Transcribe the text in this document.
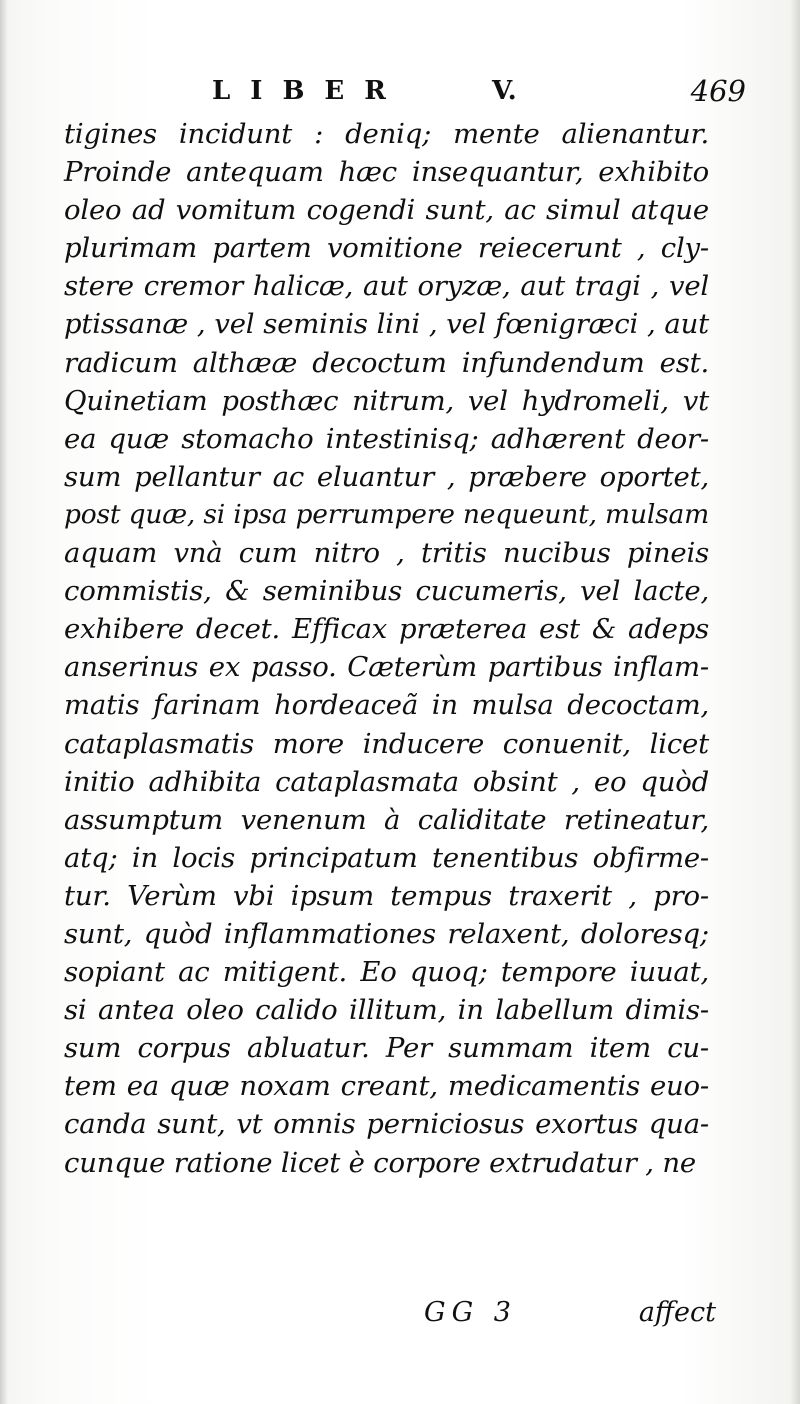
LIBER	V.	469
tigines incidunt : deniq; mente alienantur.
Proinde antequam hæc insequantur, exhibito
oleo ad vomitum cogendi sunt, ac simul atque
plurimam partem vomitione reiecerunt , cly-
stere cremor halicæ, aut oryzæ, aut tragi , vel
ptissanæ , vel seminis lini , vel fœnigræci , aut
radicum althææ decoctum infundendum est.
Quinetiam posthæc nitrum, vel hydromeli, vt
ea quæ stomacho intestinisq; adhærent deor-
sum pellantur ac eluantur , præbere oportet,
post quæ, si ipsa perrumpere nequeunt, mulsam
aquam vnà cum nitro , tritis nucibus pineis
commistis, & seminibus cucumeris, vel lacte,
exhibere decet. Efficax præterea est & adeps
anserinus ex passo. Cæterùm partibus inflam-
matis farinam hordeaceã in mulsa decoctam,
cataplasmatis more inducere conuenit, licet
initio adhibita cataplasmata obsint , eo quòd
assumptum venenum à caliditate retineatur,
atq; in locis principatum tenentibus obfirme-
tur. Verùm vbi ipsum tempus traxerit , pro-
sunt, quòd inflammationes relaxent, doloresq;
sopiant ac mitigent. Eo quoq; tempore iuuat,
si antea oleo calido illitum, in labellum dimis-
sum corpus abluatur. Per summam item cu-
tem ea quæ noxam creant, medicamentis euo-
canda sunt, vt omnis perniciosus exortus qua-
cunque ratione licet è corpore extrudatur , ne
GG 3	affect
